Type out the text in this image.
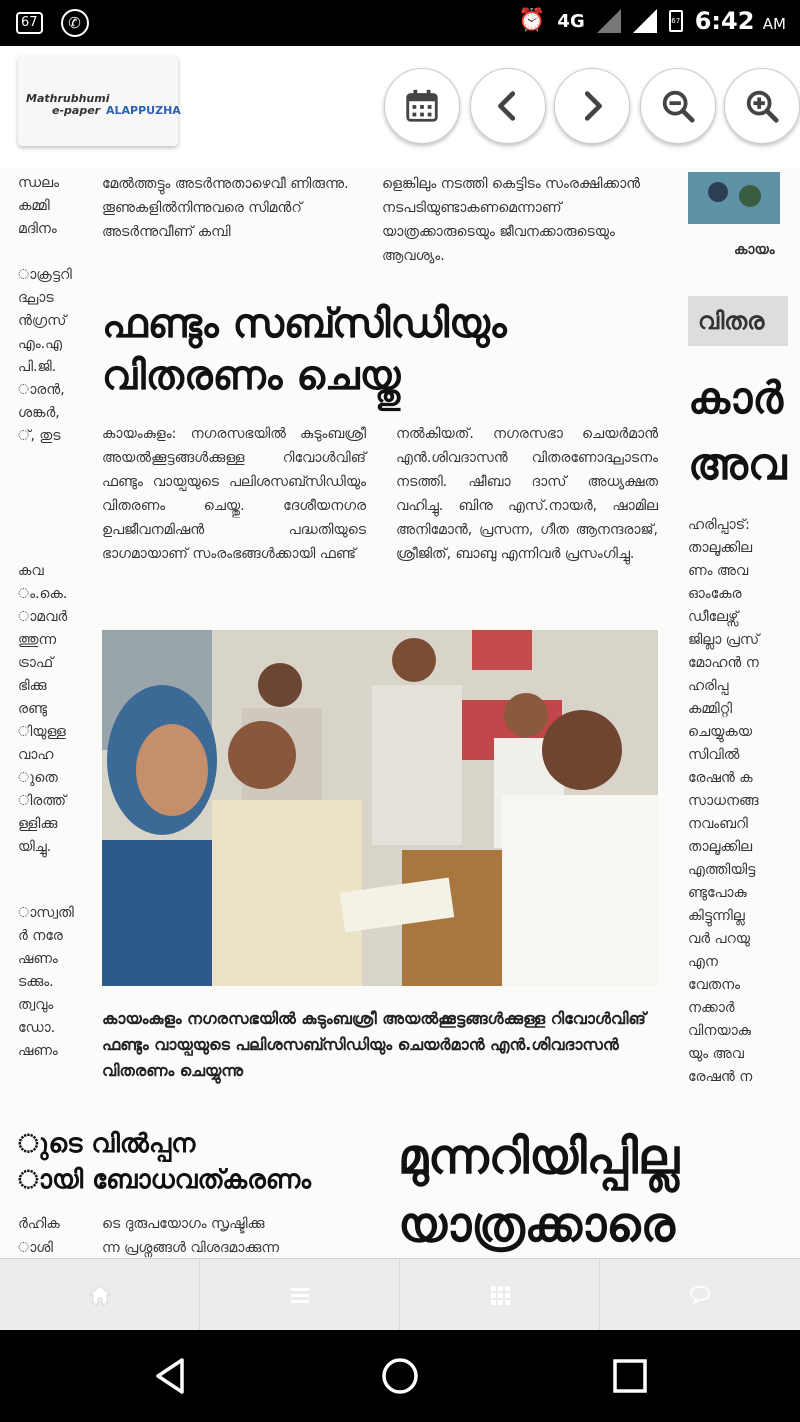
67	✆	⏰ 4G	67 6:42 AM
Mathrubhumi
e-paper ALAPPUZHA
ന്ധലം
കമ്മി
മദിനം

ാക്രട്ടറി
ദ്ഘാട
ൻഗ്രസ്
എം.എ
പി.ജി.
ാരൻ,
ശങ്കർ,
്, തുട
കവ
ം.കെ.
ാമവർ
ത്തുന്ന
ട്രാഫ്
ഭിക്കു
രണ്ടു
ിയുള്ള
വാഹ
ുതെ
ിരത്ത്
ള്ളിക്കു
യിച്ചു.
ാസ്വതി
ർ നരേ
ഷണം
ടക്കും.
ത്വവും
ഡോ.
ഷണം
മേൽത്തട്ടും അടർന്നുതാഴെവീ ണിരുന്നു. തൂണുകളിൽനിന്നുവരെ സിമൻറ് അടർന്നുവീണ് കമ്പി
ളെങ്കിലും നടത്തി കെട്ടിടം സംരക്ഷിക്കാൻ നടപടിയുണ്ടാകണമെന്നാണ് യാത്രക്കാരുടെയും ജീവനക്കാരുടെയും ആവശ്യം.
ഫണ്ടും സബ്സിഡിയും
വിതരണം ചെയ്തു
കായംകുളം: നഗരസഭയിൽ കുടുംബശ്രീ അയൽക്കൂട്ടങ്ങൾക്കുള്ള റിവോൾവിങ് ഫണ്ടും വായ്പയുടെ പലിശസബ്സിഡിയും വിതരണം ചെയ്തു. ദേശീയനഗര ഉപജീവനമിഷൻ പദ്ധതിയുടെ ഭാഗമായാണ് സംരംഭങ്ങൾക്കായി ഫണ്ട്
നൽകിയത്. നഗരസഭാ ചെയർമാൻ എൻ.ശിവദാസൻ വിതരണോദ്ഘാടനം നടത്തി. ഷീബാ ദാസ് അധ്യക്ഷത വഹിച്ചു. ബിനു എസ്.നായർ, ഷാമില അനിമോൻ, പ്രസന്ന, ഗീത ആനന്ദരാജ്, ശ്രീജിത്, ബാബു എന്നിവർ പ്രസംഗിച്ചു.
കായംകുളം നഗരസഭയിൽ കുടുംബശ്രീ അയൽക്കൂട്ടങ്ങൾക്കുള്ള റിവോൾവിങ് ഫണ്ടും വായ്പയുടെ പലിശസബ്സിഡിയും ചെയർമാൻ എൻ.ശിവദാസൻ വിതരണം ചെയ്യുന്നു
കായം
വിതര
കാർ
അവ
ഹരിപ്പാട്:
താലൂക്കില
ണം അവ
ഓംകേര
ഡീലേഴ്സ്
ജില്ലാ പ്രസ്
മോഹൻ ന
ഹരിപ്പ
കമ്മിറ്റി
ചെയ്യുകയ
സിവിൽ
രേഷൻ ക
സാധനങ്ങ
നവംബറി
താലൂക്കില
എത്തിയിട്ട
ണ്ടുപോകു
കിട്ടുന്നില്ല
വർ പറയു
എന
വേതനം
നക്കാർ
വിനയാകു
യും അവ
രേഷൻ ന
ുടെ വിൽപ്പന
ായി ബോധവത്കരണം
ർഹിക
ാശി
ടെ ദുരുപയോഗം സൃഷ്ടിക്കു
ന്ന പ്രശ്നങ്ങൾ വിശദമാക്കുന്ന
മുന്നറിയിപ്പില്ല
യാത്രക്കാരെ
